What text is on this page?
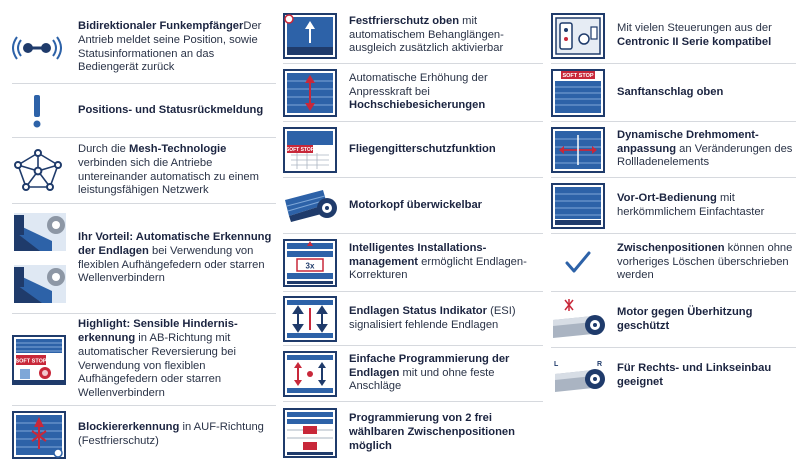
Bidirektionaler FunkempfängerDer Antrieb meldet seine Position, sowie Statusinformationen an das Bediengerät zurück
Positions- und Statusrückmeldung
Durch die Mesh-Technologie verbinden sich die Antriebe untereinander automatisch zu einem leistungsfähigen Netzwerk
Ihr Vorteil: Automatische Erkennung der Endlagen bei Verwendung von flexiblen Aufhängefedern oder starren Wellenverbindern
SOFT STOP
Highlight: Sensible Hindernis- erkennung in AB-Richtung mit automatischer Reversierung bei Verwendung von flexiblen Aufhängefedern oder starren Wellenverbindern
Blockiererkennung in AUF-Richtung (Festfrierschutz)
Festfrierschutz oben mit automatischem Behanglängen- ausgleich zusätzlich aktivierbar
Automatische Erhöhung der Anpresskraft bei Hochschiebesicherungen
SOFT STOP	Fliegengitterschutzfunktion
Motorkopf überwickelbar
3x
Intelligentes Installations- management ermöglicht Endlagen-Korrekturen
Endlagen Status Indikator (ESI) signalisiert fehlende Endlagen
Einfache Programmierung der Endlagen mit und ohne feste Anschläge
Programmierung von 2 frei wählbaren Zwischenpositionen möglich
Mit vielen Steuerungen aus der Centronic II Serie kompatibel
SOFT STOP
Sanftanschlag oben
Dynamische Drehmoment- anpassung an Veränderungen des Rollladenelements
Vor-Ort-Bedienung mit herkömmlichem Einfachtaster
Zwischenpositionen können ohne vorheriges Löschen überschrieben werden
Motor gegen Überhitzung geschützt
L	R	Für Rechts- und Linkseinbau geeignet
